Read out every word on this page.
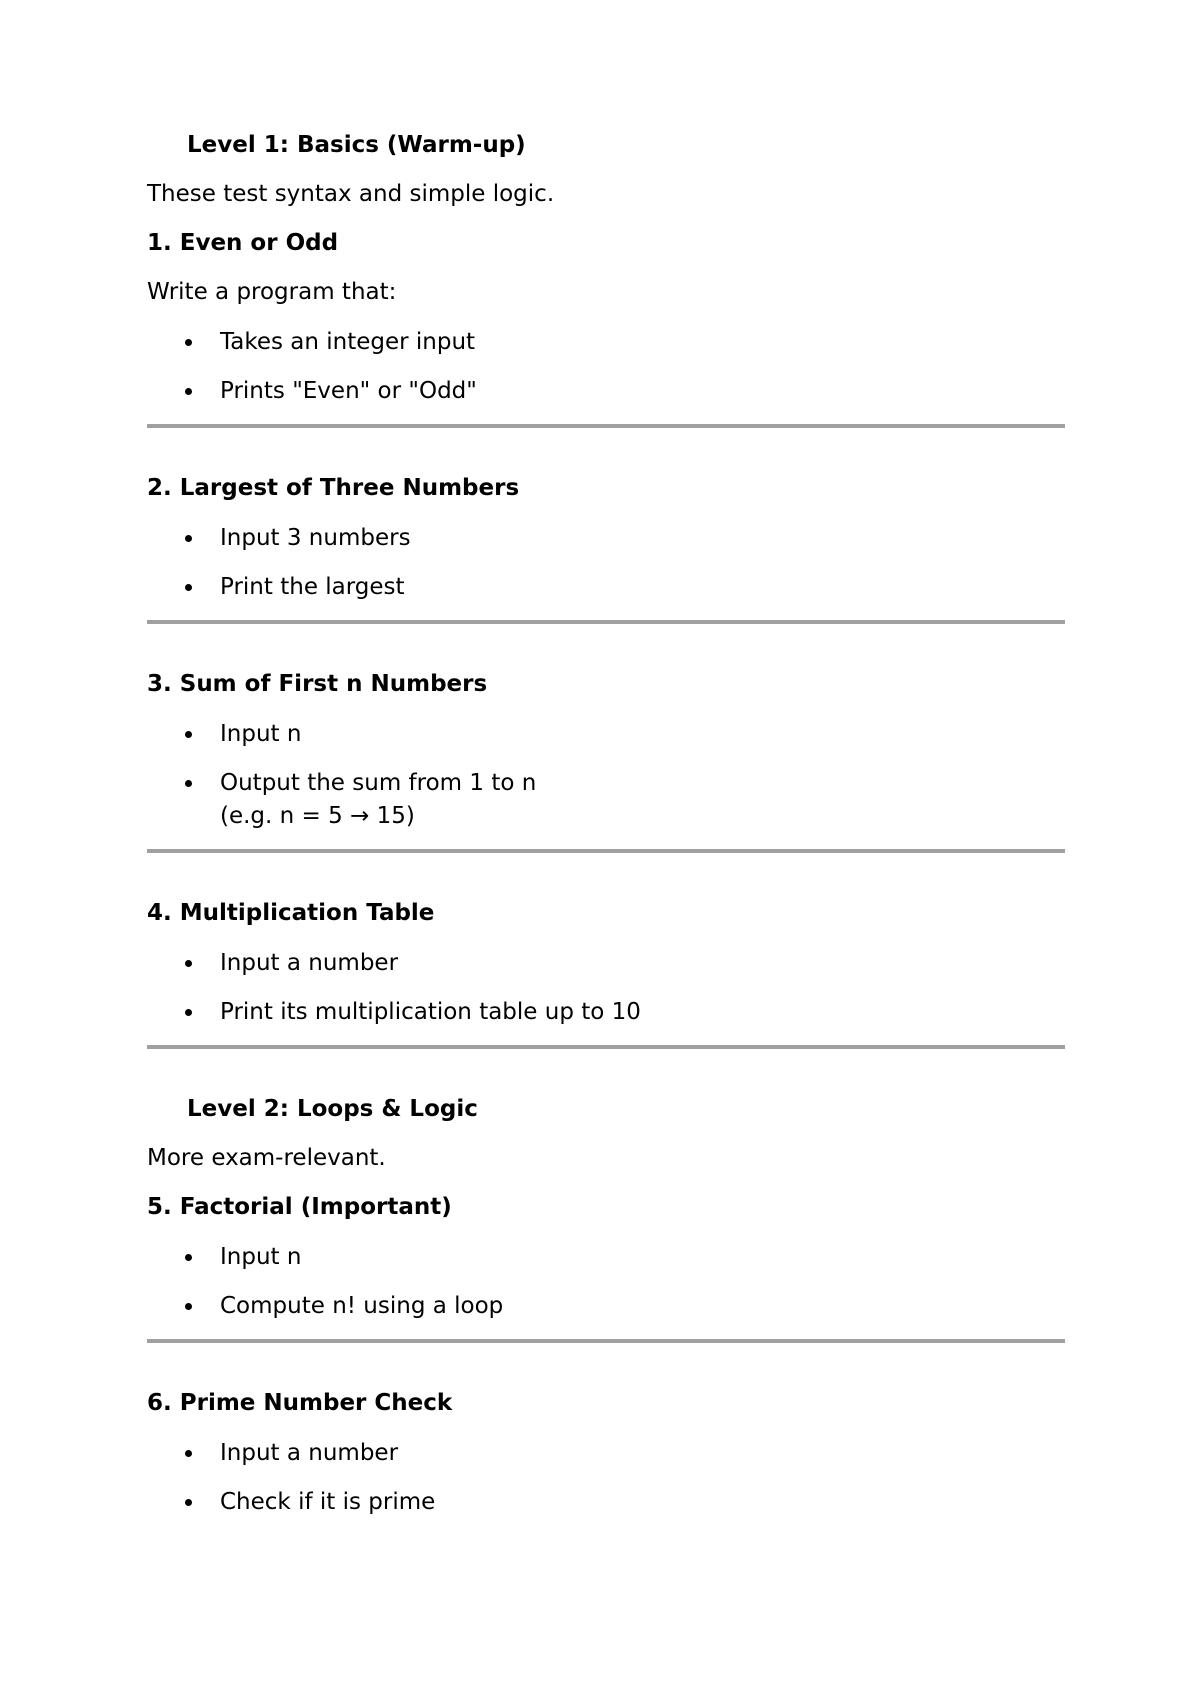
Level 1: Basics (Warm-up)
These test syntax and simple logic.
1. Even or Odd
Write a program that:
Takes an integer input
Prints "Even" or "Odd"
2. Largest of Three Numbers
Input 3 numbers
Print the largest
3. Sum of First n Numbers
Input n
Output the sum from 1 to n
(e.g. n = 5 → 15)
4. Multiplication Table
Input a number
Print its multiplication table up to 10
Level 2: Loops & Logic
More exam-relevant.
5. Factorial (Important)
Input n
Compute n! using a loop
6. Prime Number Check
Input a number
Check if it is prime
